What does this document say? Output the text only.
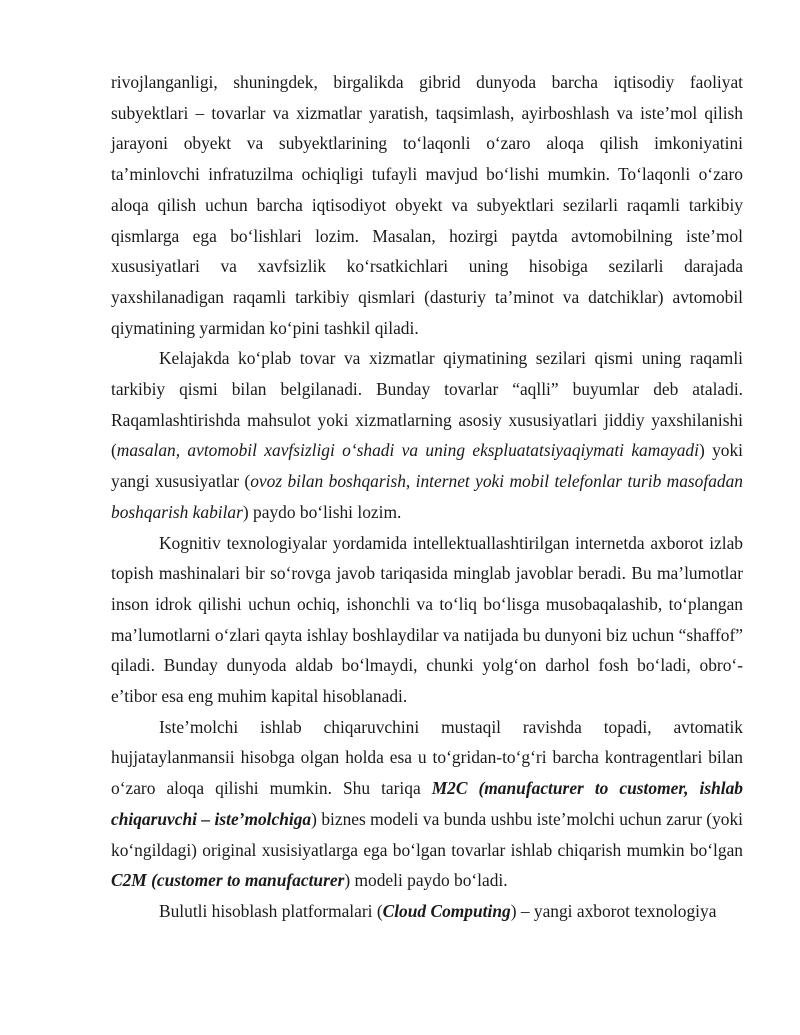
rivojlanganligi, shuningdek, birgalikda gibrid dunyoda barcha iqtisodiy faoliyat subyektlari – tovarlar va xizmatlar yaratish, taqsimlash, ayirboshlash va iste’mol qilish jarayoni obyekt va subyektlarining to‘laqonli o‘zaro aloqa qilish imkoniyatini ta’minlovchi infratuzilma ochiqligi tufayli mavjud bo‘lishi mumkin. To‘laqonli o‘zaro aloqa qilish uchun barcha iqtisodiyot obyekt va subyektlari sezilarli raqamli tarkibiy qismlarga ega bo‘lishlari lozim. Masalan, hozirgi paytda avtomobilning iste’mol xususiyatlari va xavfsizlik ko‘rsatkichlari uning hisobiga sezilarli darajada yaxshilanadigan raqamli tarkibiy qismlari (dasturiy ta’minot va datchiklar) avtomobil qiymatining yarmidan ko‘pini tashkil qiladi.

Kelajakda ko‘plab tovar va xizmatlar qiymatining sezilari qismi uning raqamli tarkibiy qismi bilan belgilanadi. Bunday tovarlar “aqlli” buyumlar deb ataladi. Raqamlashtirishda mahsulot yoki xizmatlarning asosiy xususiyatlari jiddiy yaxshilanishi (masalan, avtomobil xavfsizligi o‘shadi va uning ekspluatatsiyaqiymati kamayadi) yoki yangi xususiyatlar (ovoz bilan boshqarish, internet yoki mobil telefonlar turib masofadan boshqarish kabilar) paydo bo‘lishi lozim.

Kognitiv texnologiyalar yordamida intellektuallashtirilgan internetda axborot izlab topish mashinalari bir so‘rovga javob tariqasida minglab javoblar beradi. Bu ma’lumotlar inson idrok qilishi uchun ochiq, ishonchli va to‘liq bo‘lisga musobaqalashib, to‘plangan ma’lumotlarni o‘zlari qayta ishlay boshlaydilar va natijada bu dunyoni biz uchun “shaffof” qiladi. Bunday dunyoda aldab bo‘lmaydi, chunki yolg‘on darhol fosh bo‘ladi, obro‘-e’tibor esa eng muhim kapital hisoblanadi.

Iste’molchi ishlab chiqaruvchini mustaqil ravishda topadi, avtomatik hujjataylanmansii hisobga olgan holda esa u to‘gridan-to‘g‘ri barcha kontragentlari bilan o‘zaro aloqa qilishi mumkin. Shu tariqa M2C (manufacturer to customer, ishlab chiqaruvchi – iste’molchiga) biznes modeli va bunda ushbu iste’molchi uchun zarur (yoki ko‘ngildagi) original xusisiyatlarga ega bo‘lgan tovarlar ishlab chiqarish mumkin bo‘lgan C2M (customer to manufacturer) modeli paydo bo‘ladi.

Bulutli hisoblash platformalari (Cloud Computing) – yangi axborot texnologiya
